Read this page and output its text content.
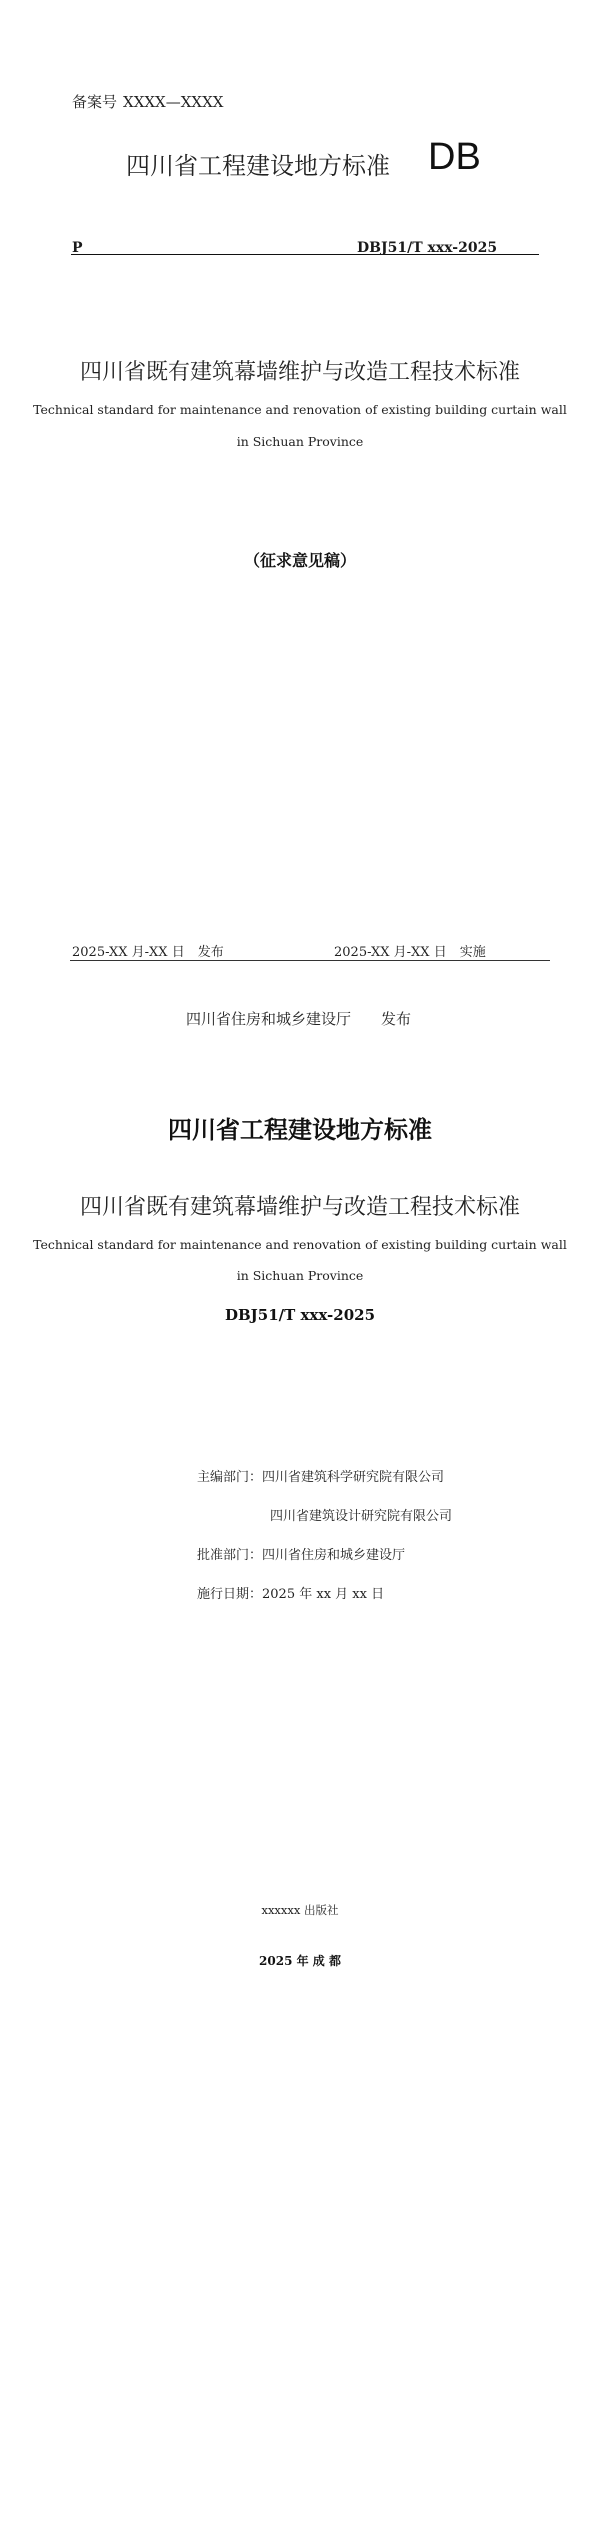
备案号 XXXX—XXXX
四川省工程建设地方标准 DB
P	DBJ51/T xxx-2025
四川省既有建筑幕墙维护与改造工程技术标准
Technical standard for maintenance and renovation of existing building curtain wall
in Sichuan Province
（征求意见稿）
2025-XX 月-XX 日　发布	2025-XX 月-XX 日　实施
四川省住房和城乡建设厅 发布
四川省工程建设地方标准
四川省既有建筑幕墙维护与改造工程技术标准
Technical standard for maintenance and renovation of existing building curtain wall
in Sichuan Province
DBJ51/T xxx-2025
主编部门：四川省建筑科学研究院有限公司
四川省建筑设计研究院有限公司
批准部门：四川省住房和城乡建设厅
施行日期：2025 年 xx 月 xx 日
xxxxxx 出版社
2025 年 成 都
